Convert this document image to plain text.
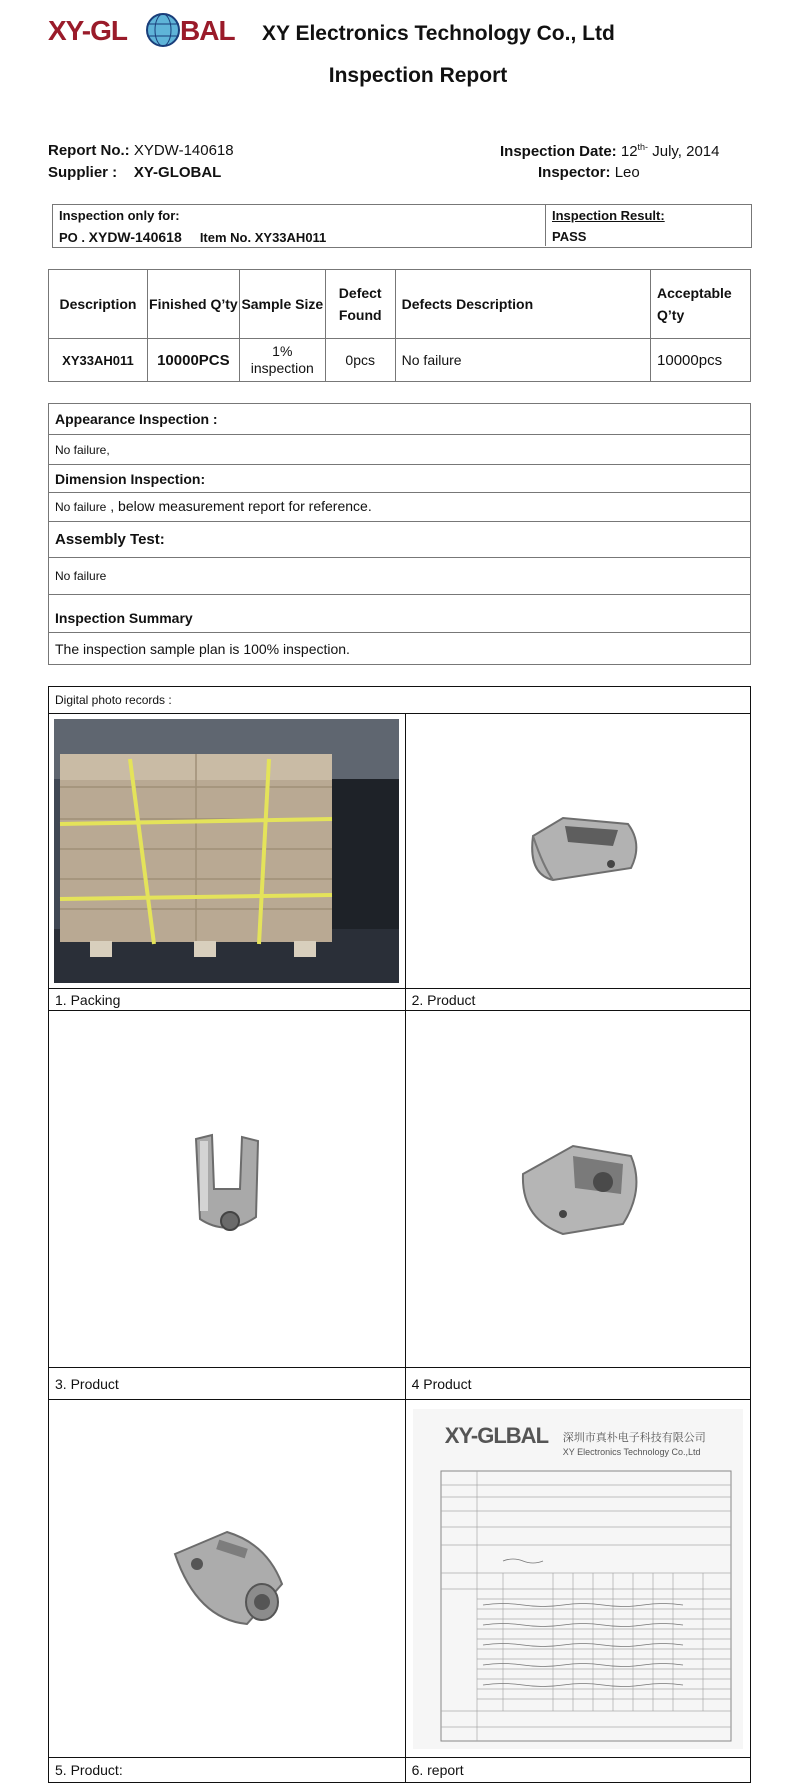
XY-GL BAL XY Electronics Technology Co., Ltd
Inspection Report
Report No.: XYDW-140618
Supplier : XY-GLOBAL
Inspection Date: $12^{th-}$ July, 2014
Inspector: Leo
Inspection only for:
PO . XYDW-140618 Item No. XY33AH011
Inspection Result:
PASS
Description	Finished Q’ty	Sample Size	Defect Found	Defects Description	Acceptable Q’ty
XY33AH011	10000PCS	1% inspection	0pcs	No failure	10000pcs
Appearance Inspection :
No failure,
Dimension Inspection:
No failure , below measurement report for reference.
Assembly Test:
No failure
Inspection Summary
The inspection sample plan is 100% inspection.
Digital photo records :	

1. Packing	2. Product

3. Product	4 Product

XY-GLBAL 深圳市真朴电子科技有限公司
XY Electronics Technology Co.,Ltd

5. Product:	6. report
